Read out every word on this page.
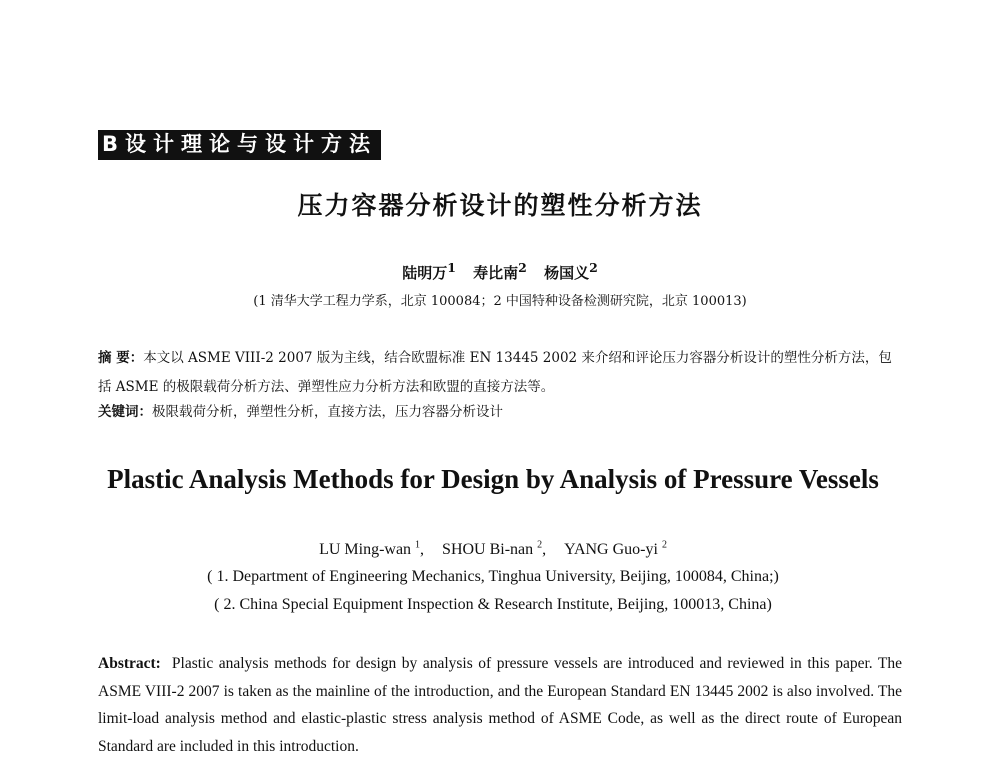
B设计理论与设计方法
压力容器分析设计的塑性分析方法
陆明万$^1$ 寿比南$^2$ 杨国义$^2$
(1 清华大学工程力学系，北京 100084；2 中国特种设备检测研究院，北京 100013)
摘 要：本文以 ASME VIII-2 2007 版为主线，结合欧盟标准 EN 13445 2002 来介绍和评论压力容器分析设计的塑性分析方法，包括 ASME 的极限载荷分析方法、弹塑性应力分析方法和欧盟的直接方法等。
关键词：极限载荷分析，弹塑性分析，直接方法，压力容器分析设计
Plastic Analysis Methods for Design by Analysis of Pressure Vessels
LU Ming-wan $^1$, SHOU Bi-nan $^2$, YANG Guo-yi $^2$
( 1. Department of Engineering Mechanics, Tinghua University, Beijing, 100084, China;)
( 2. China Special Equipment Inspection & Research Institute, Beijing, 100013, China)
Abstract: Plastic analysis methods for design by analysis of pressure vessels are introduced and reviewed in this paper. The ASME VIII-2 2007 is taken as the mainline of the introduction, and the European Standard EN 13445 2002 is also involved. The limit-load analysis method and elastic-plastic stress analysis method of ASME Code, as well as the direct route of European Standard are included in this introduction.
